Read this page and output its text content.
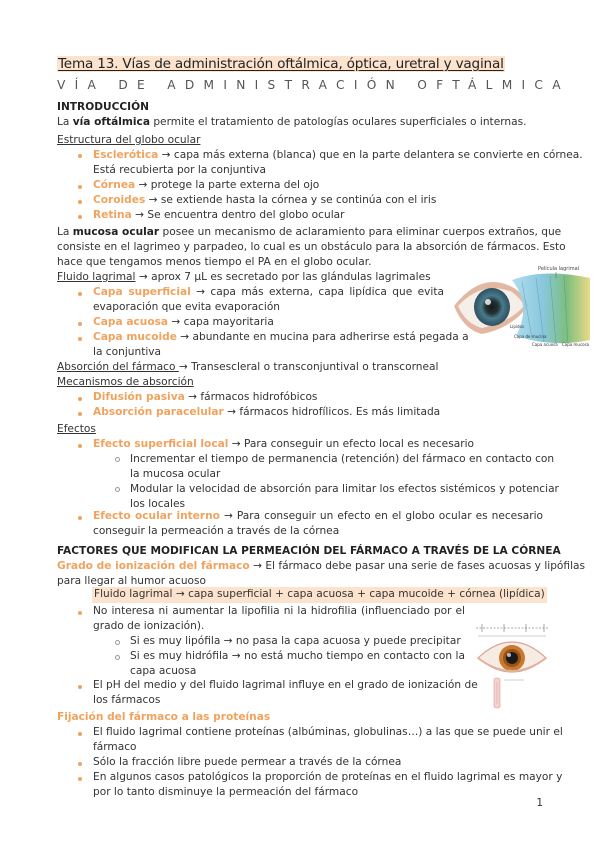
Tema 13. Vías de administración oftálmica, óptica, uretral y vaginal
VÍA DE ADMINISTRACIÓN OFTÁLMICA
INTRODUCCIÓN
La vía oftálmica permite el tratamiento de patologías oculares superficiales o internas.
Estructura del globo ocular
Esclerótica → capa más externa (blanca) que en la parte delantera se convierte en córnea.
Está recubierta por la conjuntiva
Córnea → protege la parte externa del ojo
Coroides → se extiende hasta la córnea y se continúa con el iris
Retina → Se encuentra dentro del globo ocular
La mucosa ocular posee un mecanismo de aclaramiento para eliminar cuerpos extraños, que
consiste en el lagrimeo y parpadeo, lo cual es un obstáculo para la absorción de fármacos. Esto
hace que tengamos menos tiempo el PA en el globo ocular.
Fluido lagrimal → aprox 7 µL es secretado por las glándulas lagrimales
Capa superficial → capa más externa, capa lipídica que evita
evaporación que evita evaporación
Capa acuosa → capa mayoritaria
Capa mucoide → abundante en mucina para adherirse está pegada a
la conjuntiva
Película lagrimal
Lípidos
Capa de mucina
Capa acuosa Capa mucosa
Absorción del fármaco → Transescleral o transconjuntival o transcorneal
Mecanismos de absorción
Difusión pasiva → fármacos hidrofóbicos
Absorción paracelular → fármacos hidrofílicos. Es más limitada
Efectos
Efecto superficial local → Para conseguir un efecto local es necesario
Incrementar el tiempo de permanencia (retención) del fármaco en contacto con
la mucosa ocular
Modular la velocidad de absorción para limitar los efectos sistémicos y potenciar
los locales
Efecto ocular interno → Para conseguir un efecto en el globo ocular es necesario
conseguir la permeación a través de la córnea
FACTORES QUE MODIFICAN LA PERMEACIÓN DEL FÁRMACO A TRAVÉS DE LA CÓRNEA
Grado de ionización del fármaco → El fármaco debe pasar una serie de fases acuosas y lipófilas
para llegar al humor acuoso
Fluido lagrimal → capa superficial + capa acuosa + capa mucoide + córnea (lipídica)
No interesa ni aumentar la lipofilia ni la hidrofilia (influenciado por el
grado de ionización).
Si es muy lipófila → no pasa la capa acuosa y puede precipitar
Si es muy hidrófila → no está mucho tiempo en contacto con la
capa acuosa
El pH del medio y del fluido lagrimal influye en el grado de ionización de
los fármacos
Fijación del fármaco a las proteínas
El fluido lagrimal contiene proteínas (albúminas, globulinas…) a las que se puede unir el
fármaco
Sólo la fracción libre puede permear a través de la córnea
En algunos casos patológicos la proporción de proteínas en el fluido lagrimal es mayor y
por lo tanto disminuye la permeación del fármaco
1
